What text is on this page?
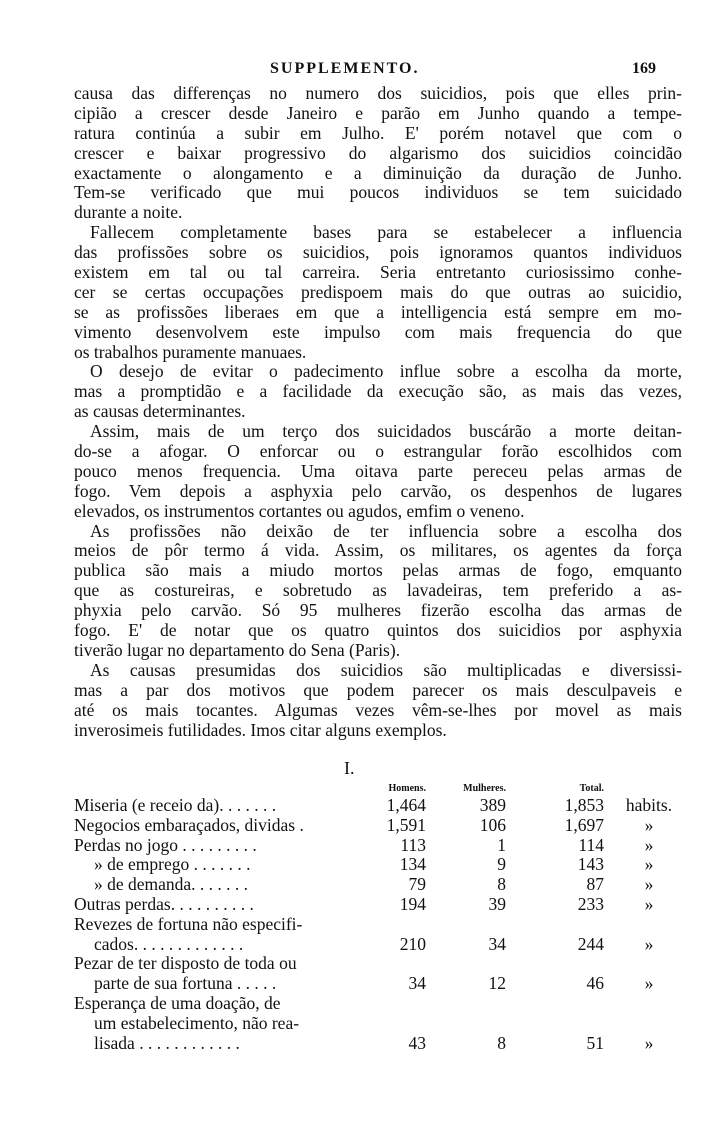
SUPPLEMENTO.	169
causa das differenças no numero dos suicidios, pois que elles prin-
cipião a crescer desde Janeiro e parão em Junho quando a tempe-
ratura continúa a subir em Julho. E' porém notavel que com o
crescer e baixar progressivo do algarismo dos suicidios coincidão
exactamente o alongamento e a diminuição da duração de Junho.
Tem-se verificado que mui poucos individuos se tem suicidado
durante a noite.
Fallecem completamente bases para se estabelecer a influencia
das profissões sobre os suicidios, pois ignoramos quantos individuos
existem em tal ou tal carreira. Seria entretanto curiosissimo conhe-
cer se certas occupações predispoem mais do que outras ao suicidio,
se as profissões liberaes em que a intelligencia está sempre em mo-
vimento desenvolvem este impulso com mais frequencia do que
os trabalhos puramente manuaes.
O desejo de evitar o padecimento influe sobre a escolha da morte,
mas a promptidão e a facilidade da execução são, as mais das vezes,
as causas determinantes.
Assim, mais de um terço dos suicidados buscárão a morte deitan-
do-se a afogar. O enforcar ou o estrangular forão escolhidos com
pouco menos frequencia. Uma oitava parte pereceu pelas armas de
fogo. Vem depois a asphyxia pelo carvão, os despenhos de lugares
elevados, os instrumentos cortantes ou agudos, emfim o veneno.
As profissões não deixão de ter influencia sobre a escolha dos
meios de pôr termo á vida. Assim, os militares, os agentes da força
publica são mais a miudo mortos pelas armas de fogo, emquanto
que as costureiras, e sobretudo as lavadeiras, tem preferido a as-
phyxia pelo carvão. Só 95 mulheres fizerão escolha das armas de
fogo. E' de notar que os quatro quintos dos suicidios por asphyxia
tiverão lugar no departamento do Sena (Paris).
As causas presumidas dos suicidios são multiplicadas e diversissi-
mas a par dos motivos que podem parecer os mais desculpaveis e
até os mais tocantes. Algumas vezes vêm-se-lhes por movel as mais
inverosimeis futilidades. Imos citar alguns exemplos.
I.
	Homens.	Mulheres.	Total.	

Miseria (e receio da). . . . . . .	1,464	389	1,853	habits.

Negocios embaraçados, dividas .	1,591	106	1,697	»

Perdas no jogo . . . . . . . . .	113	1	114	»

» de emprego . . . . . . .	134	9	143	»

» de demanda. . . . . . .	79	8	87	»

Outras perdas. . . . . . . . . .	194	39	233	»

Revezes de fortuna não especifi-
cados. . . . . . . . . . . . .	210	34	244	»

Pezar de ter disposto de toda ou
parte de sua fortuna . . . . .	34	12	46	»

Esperança de uma doação, de
um estabelecimento, não rea-
lisada . . . . . . . . . . . .	43	8	51	»
